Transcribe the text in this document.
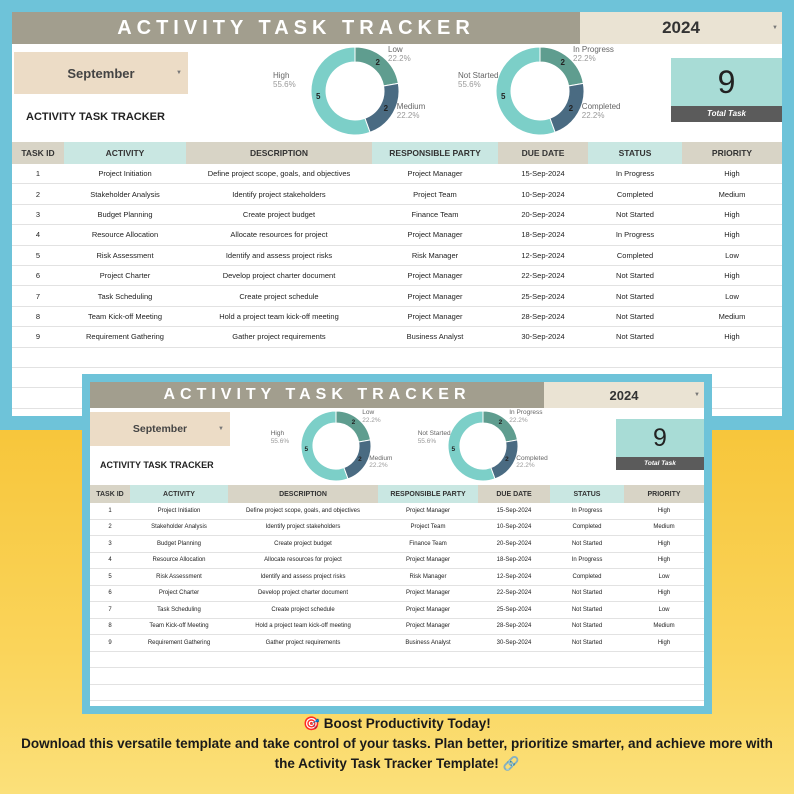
ACTIVITY TASK TRACKER	2024	▼
September	▼
ACTIVITY TASK TRACKER
2
Low
22.2%
2 Medium
22.2%
5
High
55.6%
2
In Progress
22.2%
2 Completed
22.2%
5
Not Started
55.6%	9
Total Task
TASK ID	ACTIVITY	DESCRIPTION	RESPONSIBLE PARTY	DUE DATE	STATUS	PRIORITY
1	Project Initiation	Define project scope, goals, and objectives	Project Manager	15-Sep-2024	In Progress	High
2	Stakeholder Analysis	Identify project stakeholders	Project Team	10-Sep-2024	Completed	Medium
3	Budget Planning	Create project budget	Finance Team	20-Sep-2024	Not Started	High
4	Resource Allocation	Allocate resources for project	Project Manager	18-Sep-2024	In Progress	High
5	Risk Assessment	Identify and assess project risks	Risk Manager	12-Sep-2024	Completed	Low
6	Project Charter	Develop project charter document	Project Manager	22-Sep-2024	Not Started	High
7	Task Scheduling	Create project schedule	Project Manager	25-Sep-2024	Not Started	Low
8	Team Kick-off Meeting	Hold a project team kick-off meeting	Project Manager	28-Sep-2024	Not Started	Medium
9	Requirement Gathering	Gather project requirements	Business Analyst	30-Sep-2024	Not Started	High

ACTIVITY TASK TRACKER	2024	▼
September	▼
ACTIVITY TASK TRACKER
2
Low
22.2%
2 Medium
22.2%
5
High
55.6%
2
In Progress
22.2%
2 Completed
22.2%
5
Not Started
55.6%	9
Total Task
TASK ID	ACTIVITY	DESCRIPTION	RESPONSIBLE PARTY	DUE DATE	STATUS	PRIORITY
1	Project Initiation	Define project scope, goals, and objectives	Project Manager	15-Sep-2024	In Progress	High
2	Stakeholder Analysis	Identify project stakeholders	Project Team	10-Sep-2024	Completed	Medium
3	Budget Planning	Create project budget	Finance Team	20-Sep-2024	Not Started	High
4	Resource Allocation	Allocate resources for project	Project Manager	18-Sep-2024	In Progress	High
5	Risk Assessment	Identify and assess project risks	Risk Manager	12-Sep-2024	Completed	Low
6	Project Charter	Develop project charter document	Project Manager	22-Sep-2024	Not Started	High
7	Task Scheduling	Create project schedule	Project Manager	25-Sep-2024	Not Started	Low
8	Team Kick-off Meeting	Hold a project team kick-off meeting	Project Manager	28-Sep-2024	Not Started	Medium
9	Requirement Gathering	Gather project requirements	Business Analyst	30-Sep-2024	Not Started	High

🎯 Boost Productivity Today!
Download this versatile template and take control of your tasks. Plan better, prioritize smarter, and achieve more with the Activity Task Tracker Template! 🔗
